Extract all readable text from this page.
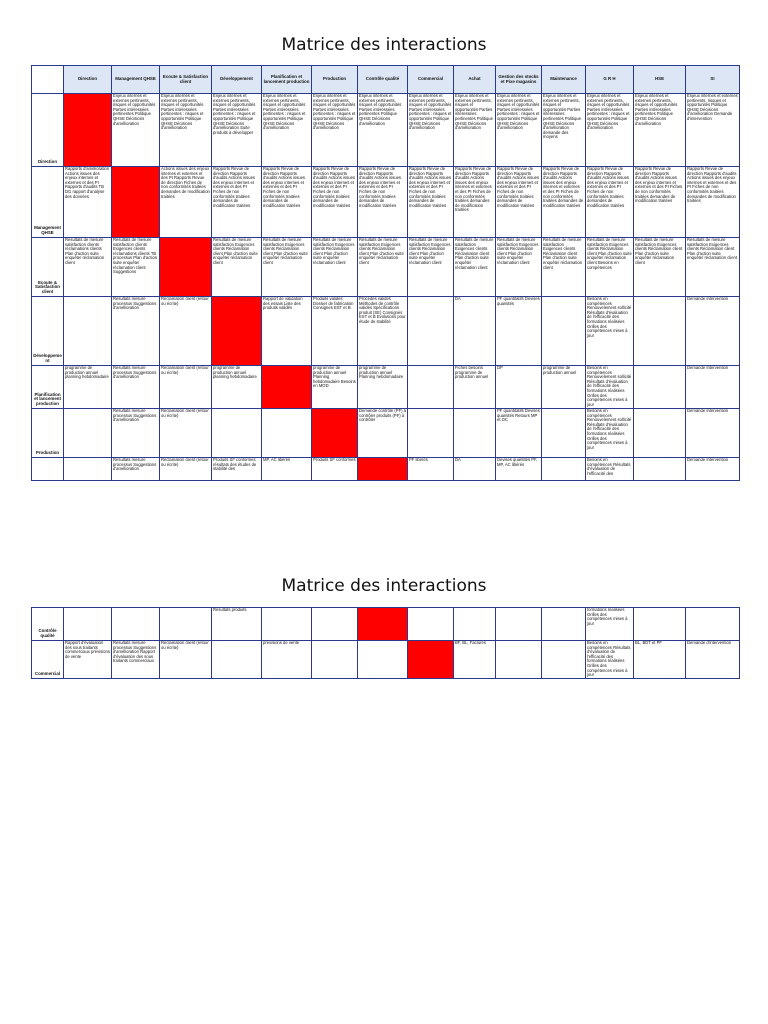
Matrice des interactions
	Direction	Management QHSE	Ecoute & Satisfaction client	Développement	Planification et lancement production	Production	Contrôle qualité	Commercial	Achat	Gestion des stocks et Pixe magasins	Maintenance	G R H	HSE	SI
Direction		Enjeux internes et externes pertinents, risques et opportunités Parties intéressées pertinentes Politique QHSE Décisions d'amélioration	Enjeux internes et externes pertinents, risques et opportunités Parties intéressées pertinentes : risques et opportunités Politique QHSE Décisions d'amélioration	Enjeux internes et externes pertinents, risques et opportunités Parties intéressées pertinentes : risques et opportunités Politique QHSE Décisions d'amélioration Suite produits à développer	Enjeux internes et externes pertinents, risques et opportunités Parties intéressées pertinentes : risques et opportunités Politique QHSE Décisions d'amélioration	Enjeux internes et externes pertinents, risques et opportunités Parties intéressées pertinentes : risques et opportunités Politique QHSE Décisions d'amélioration	Enjeux internes et externes pertinents, risques et opportunités Parties intéressées pertinentes Politique QHSE Décisions d'amélioration	Enjeux internes et externes pertinents, risques et opportunités Parties intéressées pertinentes : risques et opportunités Politique QHSE Décisions d'amélioration	Enjeux internes et externes pertinents, risques et opportunités Parties intéressées pertinentes Politique QHSE Décisions d'amélioration	Enjeux internes et externes pertinents, risques et opportunités Parties intéressées pertinentes : risques et opportunités Politique QHSE Décisions d'amélioration	Enjeux internes et externes pertinents, risques et opportunités Parties intéressées pertinentes Politique QHSE Décisions d'amélioration demande des moyens	Enjeux internes et externes pertinents, risques et opportunités Parties intéressées pertinentes : risques et opportunités Politique QHSE Décisions d'amélioration	Enjeux internes et externes pertinents, risques et opportunités Parties intéressées pertinentes Politique QHSE Décisions d'amélioration	Enjeux internes et externes pertinents, risques et opportunités Politique QHSE Décisions d'amélioration Demande d'intervention
Management QHSE	Rapports d'amélioration Actions issues des enjeux internes et externes et des PI Rapports d'audits TB DG rapport d'analyse des données		Actions issues des enjeux internes et externes et des PI Rapports Revue de direction Fiches de non conformités traitées demandes de modification traitées	Rapports Revue de direction Rapports d'audits Actions issues des enjeux internes et externes et des PI Fiches de non conformités traitées demandes de modification traitées	Rapports Revue de direction Rapports d'audits Actions issues des enjeux internes et externes et des PI Fiches de non conformités traitées demandes de modification traitées	Rapports Revue de direction Rapports d'audits Actions issues des enjeux internes et externes et des PI Fiches de non conformités traitées demandes de modification traitées	Rapports Revue de direction Rapports d'audits Actions issues des enjeux internes et externes et des PI Fiches de non conformités traitées demandes de modification traitées	Rapports Revue de direction Rapports d'audits Actions issues des enjeux internes et externes et des PI Fiches de non conformités traitées demandes de modification traitées	Rapports Revue de direction Rapports d'audits Actions issues des enjeux internes et externes et des PI Fiches de non conformités traitées demandes de modification traitées	Rapports Revue de direction Rapports d'audits Actions issues des enjeux internes et externes et des PI Fiches de non conformités traitées demandes de modification traitées	Rapports Revue de direction Rapports d'audits Actions issues des enjeux internes et externes et des PI Fiches de non conformités traitées demandes de modification traitées	Rapports Revue de direction Rapports d'audits Actions issues des enjeux internes et externes et des PI Fiches de non conformités traitées demandes de modification traitées	Rapports Revue de direction Rapports d'audits Actions issues des enjeux internes et externes et des PI Fiches de non conformités traitées demandes de modification traitées	Rapports Revue de direction Rapports d'audits Actions issues des enjeux internes et externes et des PI Fiches de non conformités traitées demandes de modification traitées
Ecoute & Satisfaction client	Résultats de mesure satisfaction clients réclamations clients Plan d'action suite enquête/ réclamation client	Résultats de mesure satisfaction clients Exigences clients réclamations clients TB processus Plan d'action suite enquête/ réclamation client Suggestions		Résultats de mesure satisfaction Exigences clients Réclamation client Plan d'action suite enquête/ réclamation client	Résultats de mesure satisfaction Exigences clients Réclamation client Plan d'action suite enquête/ réclamation client	Résultats de mesure satisfaction Exigences clients Réclamation client Plan d'action suite enquête/ réclamation client	Résultats de mesure satisfaction Exigences clients Réclamation client Plan d'action suite enquête/ réclamation client	Résultats de mesure satisfaction Exigences clients Réclamation client Plan d'action suite enquête/ réclamation client	Résultats de mesure satisfaction Exigences clients Réclamation client Plan d'action suite enquête/ réclamation client	Résultats de mesure satisfaction Exigences clients Réclamation client Plan d'action suite enquête/ réclamation client	Résultats de mesure satisfaction Exigences clients Réclamation client Plan d'action suite enquête/ réclamation client	Résultats de mesure satisfaction Exigences clients Réclamation client Plan d'action suite enquête/ réclamation client Besoins en compétences	Résultats de mesure satisfaction Exigences clients Réclamation client Plan d'action suite enquête/ réclamation client	Résultats de mesure satisfaction Exigences clients Réclamation client Plan d'action suite enquête/ réclamation client
Développement		Résultats mesure processus Suggestions d'amélioration	Réclamation client (retour ou écrite)		Rapport de validation des essais Liste des produits validés	Produits validés Dossier de fabrication Consignes EST et B	Procédés validés Méthodes de contrôle validés Spécifications produit (SE) Consignes EST et B Evolutions pour étude de stabilité		DA	PF quantitatifs Devises quantités		Besoins en compétences Renouvelement sollicité Résultats d'évaluation de l'efficacité des formations réalisées Grilles des compétences mises à jour		Demande Intervention
Planification et lancement production	programme de production annuel planning hebdomadaire	Résultats mesure processus Suggestions d'amélioration	Réclamation client (retour ou écrite)	programme de production annuel planning hebdomadaire		programme de production annuel Planning hebdomadaire Besoins en MOD	programme de production annuel Planning hebdomadaire		Fiches besoins programme de production annuel	DP	programme de production annuel	Besoins en compétences Renouvelement sollicité Résultats d'évaluation de l'efficacité des formations réalisées Grilles des compétences mises à jour		Demande Intervention
Production		Résultats mesure processus Suggestions d'amélioration	Réclamation client (retour ou écrite)				Demande contrôle (PF) à contrôler produits (PF) à contrôler			PF quantitatifs Devises quantités Retours MP et OC		Besoins en compétences Renouvelement sollicité Résultats d'évaluation de l'efficacité des formations réalisées Grilles des compétences mises à jour		Demande Intervention
		Résultats mesure processus Suggestions d'amélioration	Réclamation client (retour ou écrite)	Produits SF conformes résultats des études de stabilité des	MP, AC libérés	Produits SF conformes		PF libérés	DA	Devises quantités PF, MP, AC libérés		Besoins en compétences Résultats d'évaluation de l'efficacité des		Demande Intervention
Matrice des interactions
Contrôle qualité				Résultats produits								formations réalisées Grilles des compétences mises à jour		
Commercial	Rapport d'évaluation des sous traitants commerciaux prévisions de vente	Résultats mesure processus Suggestions d'amélioration Rapport d'évaluation des sous traitants commerciaux	Réclamation client (retour ou écrite)		prévisions de vente				BF, BL, Factures			Besoins en compétences Résultats d'évaluation de l'efficacité des formations réalisées Grilles des compétences mises à jour	BL, BDT et PF	Demande d'intervention
